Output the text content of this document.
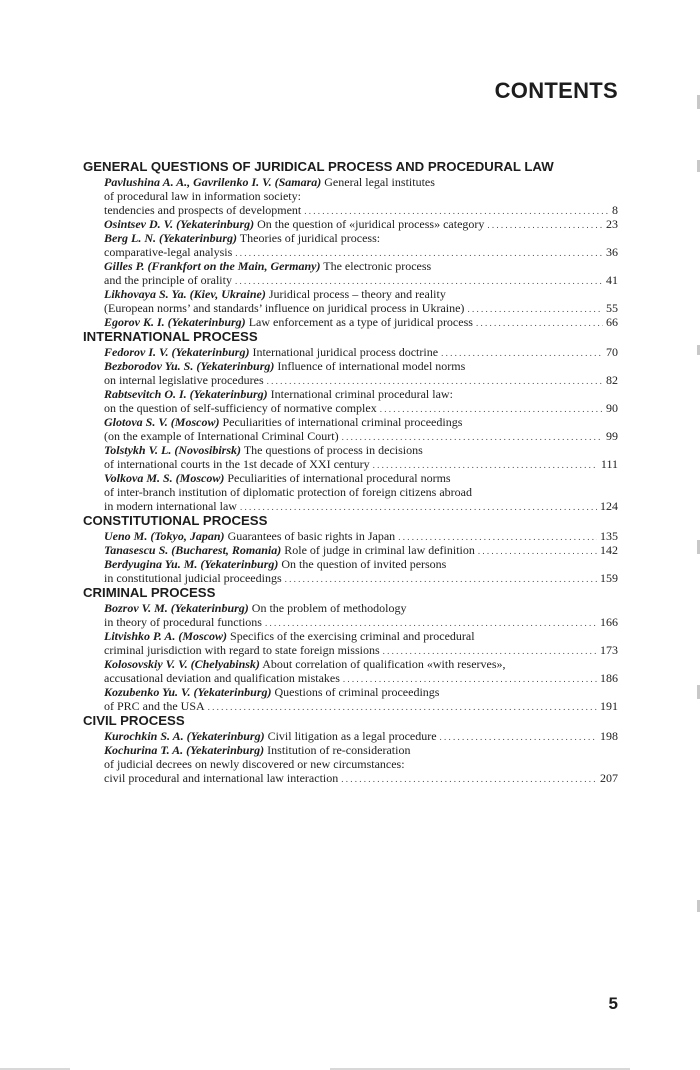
CONTENTS
GENERAL QUESTIONS OF JURIDICAL PROCESS AND PROCEDURAL LAW
Pavlushina A. A., Gavrilenko I. V. (Samara) General legal institutes
of procedural law in information society:
tendencies and prospects of development . . .	8
Osintsev D. V. (Yekaterinburg) On the question of «juridical process» category . . .	23
Berg L. N. (Yekaterinburg) Theories of juridical process:
comparative-legal analysis . . .	36
Gilles P. (Frankfort on the Main, Germany) The electronic process
and the principle of orality . . .	41
Likhovaya S. Ya. (Kiev, Ukraine) Juridical process – theory and reality
(European norms’ and standards’ influence on juridical process in Ukraine) . . .	55
Egorov K. I. (Yekaterinburg) Law enforcement as a type of juridical process . . .	66
INTERNATIONAL PROCESS
Fedorov I. V. (Yekaterinburg) International juridical process doctrine . . .	70
Bezborodov Yu. S. (Yekaterinburg) Influence of international model norms
on internal legislative procedures . . .	82
Rabtsevitch O. I. (Yekaterinburg) International criminal procedural law:
on the question of self-sufficiency of normative complex . . .	90
Glotova S. V. (Moscow) Peculiarities of international criminal proceedings
(on the example of International Criminal Court) . . .	99
Tolstykh V. L. (Novosibirsk) The questions of process in decisions
of international courts in the 1st decade of XXI century . . .	111
Volkova M. S. (Moscow) Peculiarities of international procedural norms
of inter-branch institution of diplomatic protection of foreign citizens abroad
in modern international law . . .	124
CONSTITUTIONAL PROCESS
Ueno M. (Tokyo, Japan) Guarantees of basic rights in Japan . . .	135
Tanasescu S. (Bucharest, Romania) Role of judge in criminal law definition . . .	142
Berdyugina Yu. M. (Yekaterinburg) On the question of invited persons
in constitutional judicial proceedings . . .	159
CRIMINAL PROCESS
Bozrov V. M. (Yekaterinburg) On the problem of methodology
in theory of procedural functions . . .	166
Litvishko P. A. (Moscow) Specifics of the exercising criminal and procedural
criminal jurisdiction with regard to state foreign missions . . .	173
Kolosovskiy V. V. (Chelyabinsk) About correlation of qualification «with reserves»,
accusational deviation and qualification mistakes . . .	186
Kozubenko Yu. V. (Yekaterinburg) Questions of criminal proceedings
of PRC and the USA . . .	191
CIVIL PROCESS
Kurochkin S. A. (Yekaterinburg) Civil litigation as a legal procedure . . .	198
Kochurina T. A. (Yekaterinburg) Institution of re-consideration
of judicial decrees on newly discovered or new circumstances:
civil procedural and international law interaction . . .	207
5
